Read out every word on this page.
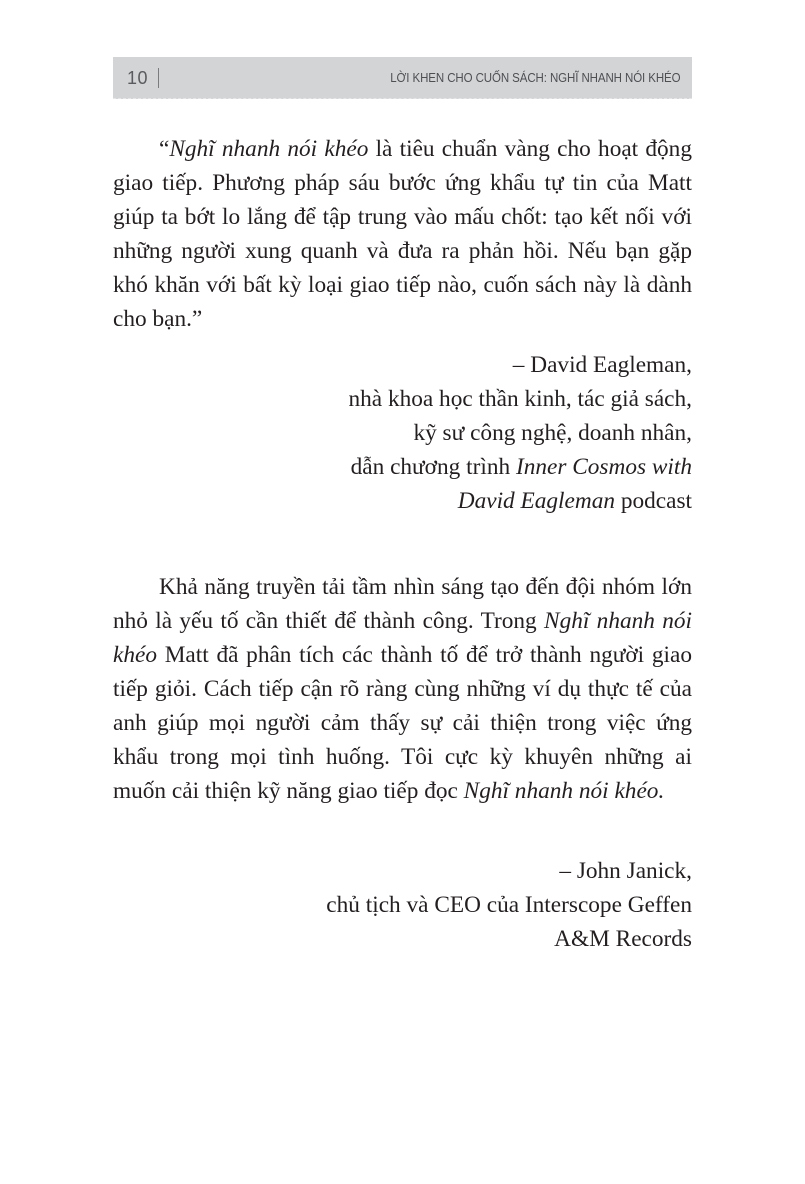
10	LỜI KHEN CHO CUỐN SÁCH: NGHĨ NHANH NÓI KHÉO

“Nghĩ nhanh nói khéo là tiêu chuẩn vàng cho hoạt động giao tiếp. Phương pháp sáu bước ứng khẩu tự tin của Matt giúp ta bớt lo lắng để tập trung vào mấu chốt: tạo kết nối với những người xung quanh và đưa ra phản hồi. Nếu bạn gặp khó khăn với bất kỳ loại giao tiếp nào, cuốn sách này là dành cho bạn.”

– David Eagleman,
nhà khoa học thần kinh, tác giả sách,
kỹ sư công nghệ, doanh nhân,
dẫn chương trình Inner Cosmos with
David Eagleman podcast

Khả năng truyền tải tầm nhìn sáng tạo đến đội nhóm lớn nhỏ là yếu tố cần thiết để thành công. Trong Nghĩ nhanh nói khéo Matt đã phân tích các thành tố để trở thành người giao tiếp giỏi. Cách tiếp cận rõ ràng cùng những ví dụ thực tế của anh giúp mọi người cảm thấy sự cải thiện trong việc ứng khẩu trong mọi tình huống. Tôi cực kỳ khuyên những ai muốn cải thiện kỹ năng giao tiếp đọc Nghĩ nhanh nói khéo.

– John Janick,
chủ tịch và CEO của Interscope Geffen
A&M Records
